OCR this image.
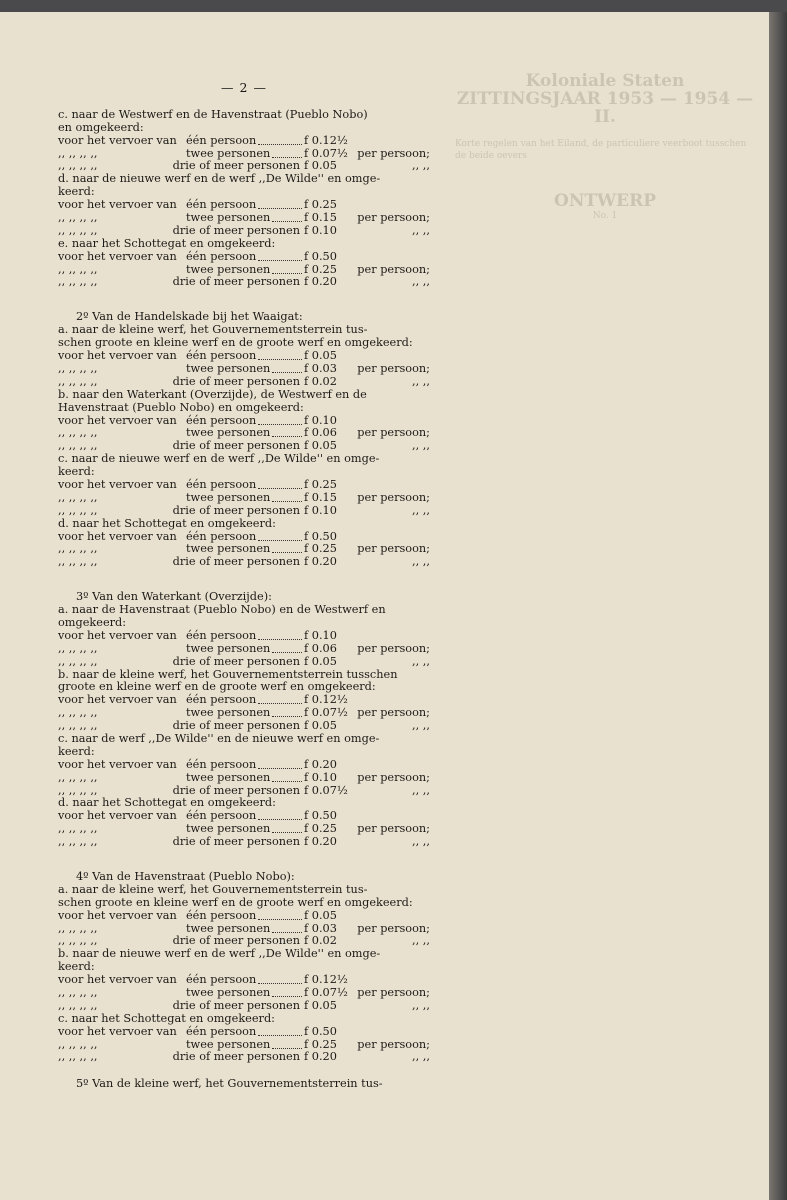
Koloniale Staten
ZITTINGSJAAR 1953 — 1954 — II.
Korte regelen van het Eiland, de particuliere veerboot tusschen de beide oevers
ONTWERP
No. 1
— 2 —
c. naar de Westwerf en de Havenstraat (Pueblo Nobo)
en omgekeerd:
voor het vervoer van één persoon	f 0.12½
,, ,, ,, ,,	twee personen	f 0.07½ per persoon;
,, ,, ,, ,,	drie of meer personen f 0.05	,, ,,
d. naar de nieuwe werf en de werf ,,De Wilde'' en omge-
keerd:
voor het vervoer van één persoon	f 0.25
,, ,, ,, ,,	twee personen	f 0.15	per persoon;
,, ,, ,, ,,	drie of meer personen f 0.10	,, ,,
e. naar het Schottegat en omgekeerd:
voor het vervoer van één persoon	f 0.50
,, ,, ,, ,,	twee personen	f 0.25	per persoon;
,, ,, ,, ,,	drie of meer personen f 0.20	,, ,,
2º Van de Handelskade bij het Waaigat:
a. naar de kleine werf, het Gouvernementsterrein tus-
schen groote en kleine werf en de groote werf en omgekeerd:
voor het vervoer van één persoon	f 0.05
,, ,, ,, ,,	twee personen	f 0.03	per persoon;
,, ,, ,, ,,	drie of meer personen f 0.02	,, ,,
b. naar den Waterkant (Overzijde), de Westwerf en de
Havenstraat (Pueblo Nobo) en omgekeerd:
voor het vervoer van één persoon	f 0.10
,, ,, ,, ,,	twee personen	f 0.06	per persoon;
,, ,, ,, ,,	drie of meer personen f 0.05	,, ,,
c. naar de nieuwe werf en de werf ,,De Wilde'' en omge-
keerd:
voor het vervoer van één persoon	f 0.25
,, ,, ,, ,,	twee personen	f 0.15	per persoon;
,, ,, ,, ,,	drie of meer personen f 0.10	,, ,,
d. naar het Schottegat en omgekeerd:
voor het vervoer van één persoon	f 0.50
,, ,, ,, ,,	twee personen	f 0.25	per persoon;
,, ,, ,, ,,	drie of meer personen f 0.20	,, ,,
3º Van den Waterkant (Overzijde):
a. naar de Havenstraat (Pueblo Nobo) en de Westwerf en
omgekeerd:
voor het vervoer van één persoon	f 0.10
,, ,, ,, ,,	twee personen	f 0.06	per persoon;
,, ,, ,, ,,	drie of meer personen f 0.05	,, ,,
b. naar de kleine werf, het Gouvernementsterrein tusschen
groote en kleine werf en de groote werf en omgekeerd:
voor het vervoer van één persoon	f 0.12½
,, ,, ,, ,,	twee personen	f 0.07½ per persoon;
,, ,, ,, ,,	drie of meer personen f 0.05	,, ,,
c. naar de werf ,,De Wilde'' en de nieuwe werf en omge-
keerd:
voor het vervoer van één persoon	f 0.20
,, ,, ,, ,,	twee personen	f 0.10	per persoon;
,, ,, ,, ,,	drie of meer personen f 0.07½	,, ,,
d. naar het Schottegat en omgekeerd:
voor het vervoer van één persoon	f 0.50
,, ,, ,, ,,	twee personen	f 0.25	per persoon;
,, ,, ,, ,,	drie of meer personen f 0.20	,, ,,
4º Van de Havenstraat (Pueblo Nobo):
a. naar de kleine werf, het Gouvernementsterrein tus-
schen groote en kleine werf en de groote werf en omgekeerd:
voor het vervoer van één persoon	f 0.05
,, ,, ,, ,,	twee personen	f 0.03	per persoon;
,, ,, ,, ,,	drie of meer personen f 0.02	,, ,,
b. naar de nieuwe werf en de werf ,,De Wilde'' en omge-
keerd:
voor het vervoer van één persoon	f 0.12½
,, ,, ,, ,,	twee personen	f 0.07½ per persoon;
,, ,, ,, ,,	drie of meer personen f 0.05	,, ,,
c. naar het Schottegat en omgekeerd:
voor het vervoer van één persoon	f 0.50
,, ,, ,, ,,	twee personen	f 0.25	per persoon;
,, ,, ,, ,,	drie of meer personen f 0.20	,, ,,
5º Van de kleine werf, het Gouvernementsterrein tus-
